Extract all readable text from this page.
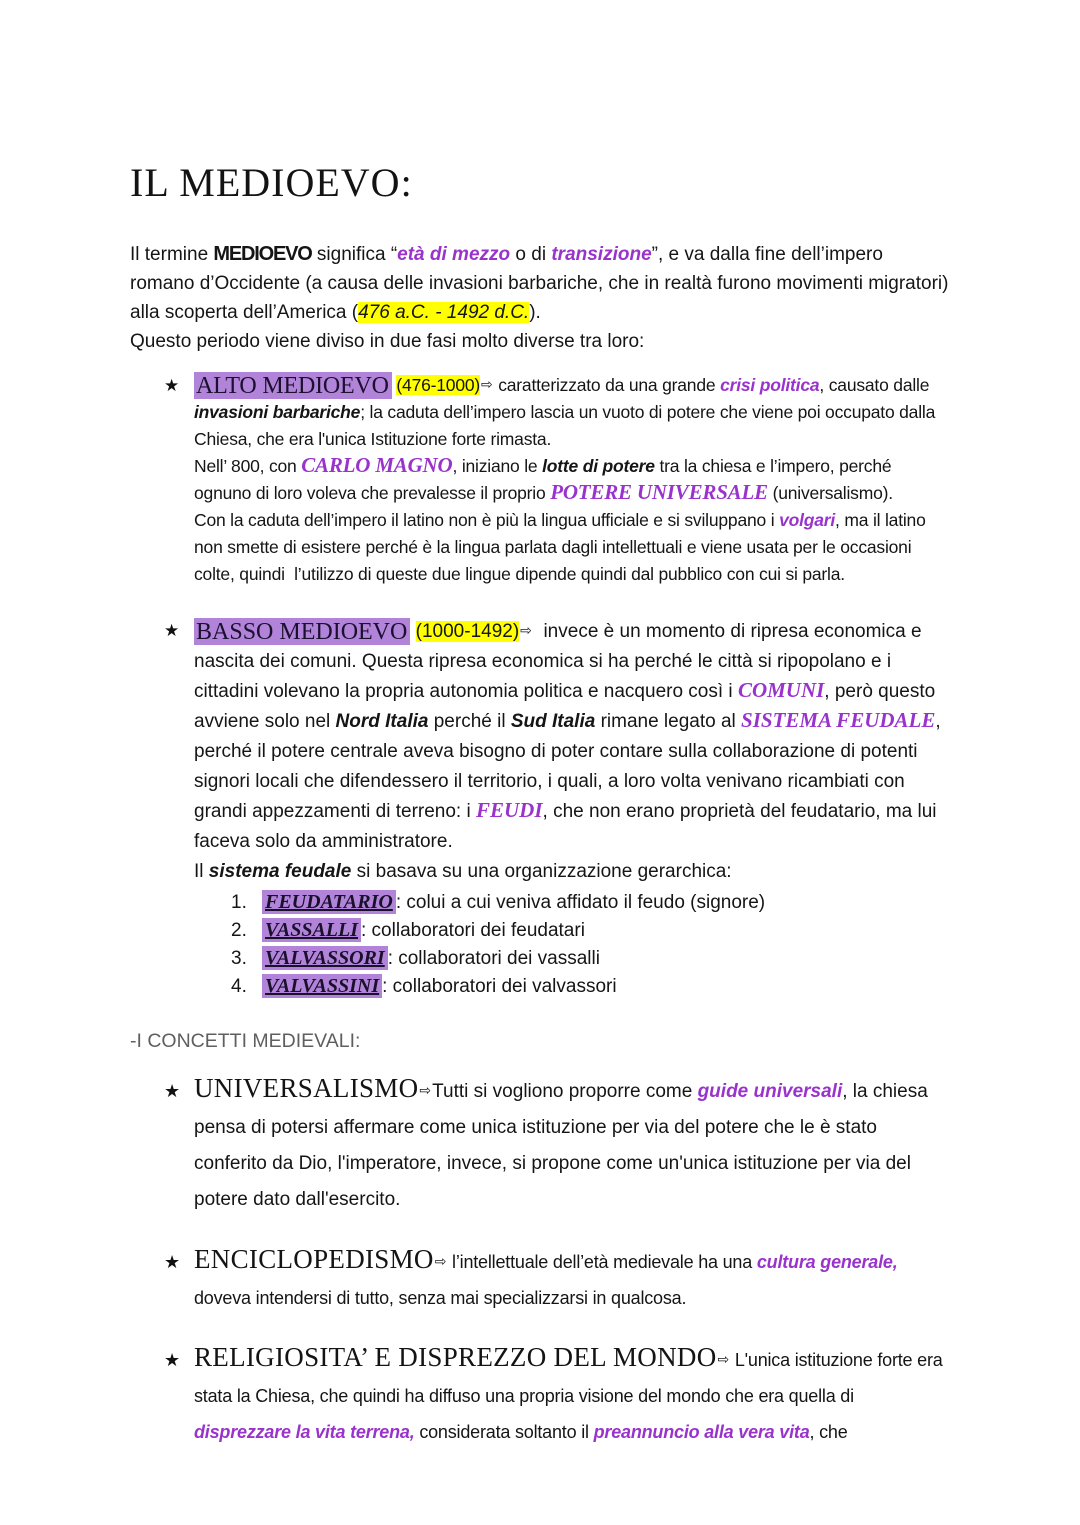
IL MEDIOEVO:
Il termine MEDIOEVO significa “età di mezzo o di transizione”, e va dalla fine dell’impero romano d’Occidente (a causa delle invasioni barbariche, che in realtà furono movimenti migratori) alla scoperta dell’America (476 a.C. - 1492 d.C.).
Questo periodo viene diviso in due fasi molto diverse tra loro:
★ ALTO MEDIOEVO (476-1000)⇨ caratterizzato da una grande crisi politica, causato dalle invasioni barbariche; la caduta dell’impero lascia un vuoto di potere che viene poi occupato dalla Chiesa, che era l'unica Istituzione forte rimasta.
Nell’ 800, con CARLO MAGNO, iniziano le lotte di potere tra la chiesa e l’impero, perché ognuno di loro voleva che prevalesse il proprio POTERE UNIVERSALE (universalismo).
Con la caduta dell’impero il latino non è più la lingua ufficiale e si sviluppano i volgari, ma il latino non smette di esistere perché è la lingua parlata dagli intellettuali e viene usata per le occasioni colte, quindi  l’utilizzo di queste due lingue dipende quindi dal pubblico con cui si parla.
★ BASSO MEDIOEVO (1000-1492)⇨  invece è un momento di ripresa economica e nascita dei comuni. Questa ripresa economica si ha perché le città si ripopolano e i cittadini volevano la propria autonomia politica e nacquero così i COMUNI, però questo avviene solo nel Nord Italia perché il Sud Italia rimane legato al SISTEMA FEUDALE, perché il potere centrale aveva bisogno di poter contare sulla collaborazione di potenti signori locali che difendessero il territorio, i quali, a loro volta venivano ricambiati con grandi appezzamenti di terreno: i FEUDI, che non erano proprietà del feudatario, ma lui faceva solo da amministratore.
Il sistema feudale si basava su una organizzazione gerarchica:
1. FEUDATARIO : colui a cui veniva affidato il feudo (signore)
2. VASSALLI : collaboratori dei feudatari
3. VALVASSORI : collaboratori dei vassalli
4. VALVASSINI : collaboratori dei valvassori
-I CONCETTI MEDIEVALI:
★ UNIVERSALISMO⇨Tutti si vogliono proporre come guide universali, la chiesa pensa di potersi affermare come unica istituzione per via del potere che le è stato conferito da Dio, l'imperatore, invece, si propone come un'unica istituzione per via del potere dato dall'esercito.
★ ENCICLOPEDISMO⇨ l’intellettuale dell’età medievale ha una cultura generale, doveva intendersi di tutto, senza mai specializzarsi in qualcosa.
★ RELIGIOSITA’ E DISPREZZO DEL MONDO⇨ L'unica istituzione forte era stata la Chiesa, che quindi ha diffuso una propria visione del mondo che era quella di disprezzare la vita terrena, considerata soltanto il preannuncio alla vera vita, che
